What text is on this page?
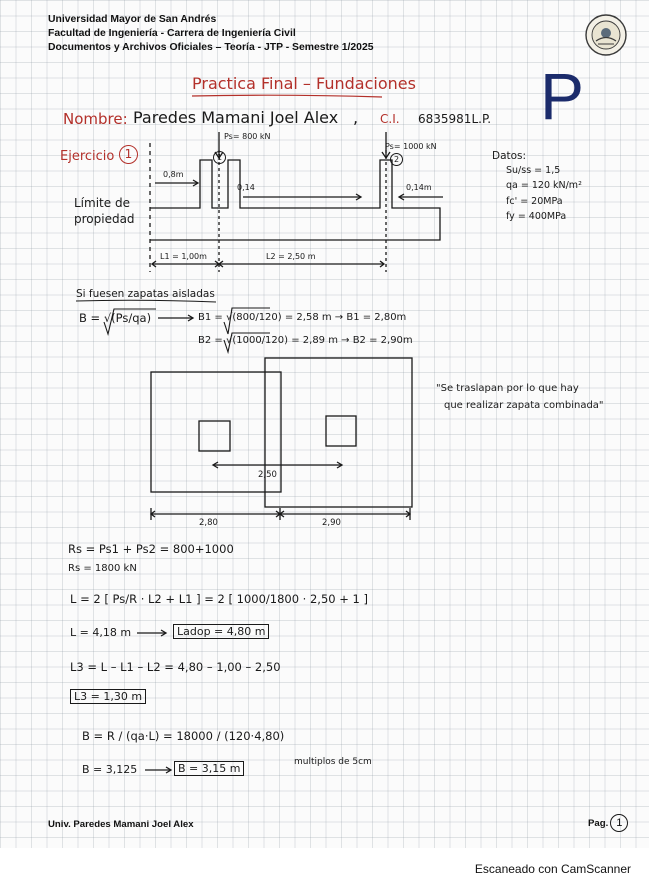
Universidad Mayor de San Andrés
Facultad de Ingeniería - Carrera de Ingeniería Civil
Documentos y Archivos Oficiales – Teoría - JTP - Semestre 1/2025
Practica Final – Fundaciones P
Nombre: Paredes Mamani Joel Alex , C.I. 6835981L.P.
Ejercicio 1	1	2
Ps= 800 kN
Ps= 1000 kN
0,8m
0,14	0,14m
Límite de
propiedad
L1 = 1,00m	L2 = 2,50 m
Datos:
Su/ss = 1,5
qa = 120 kN/m²
fc' = 20MPa
fy = 400MPa
Si fuesen zapatas aisladas
B = √(Ps/qa)	B1 = √(800/120) = 2,58 m → B1 = 2,80m
B2 = √(1000/120) = 2,89 m → B2 = 2,90m
2,50
2,80	2,90
"Se traslapan por lo que hay
que realizar zapata combinada"
Rs = Ps1 + Ps2 = 800+1000
Rs = 1800 kN
L = 2 [ Ps/R · L2 + L1 ] = 2 [ 1000/1800 · 2,50 + 1 ]
L = 4,18 m	Ladop = 4,80 m
L3 = L – L1 – L2 = 4,80 – 1,00 – 2,50
L3 = 1,30 m
B = R / (qa·L) = 18000 / (120·4,80)
B = 3,125	B = 3,15 m	multiplos de 5cm
Univ. Paredes Mamani Joel Alex	Pag. 1
Escaneado con CamScanner
